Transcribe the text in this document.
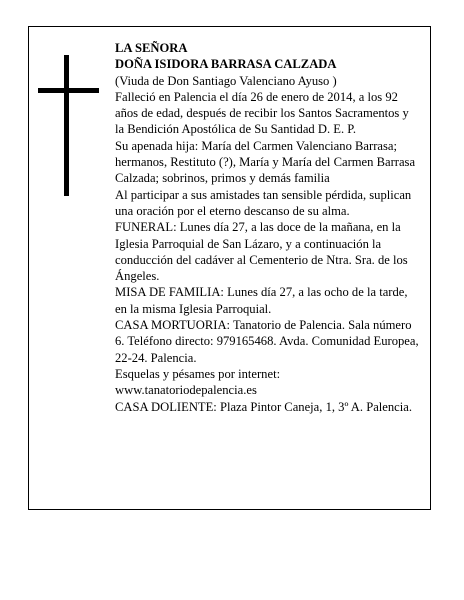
LA SEÑORA

DOÑA ISIDORA BARRASA CALZADA

(Viuda de Don Santiago Valenciano Ayuso )

Falleció en Palencia el día 26 de enero de 2014, a los 92 años de edad, después de recibir los Santos Sacramentos y la Bendición Apostólica de Su Santidad D. E. P.

Su apenada hija: María del Carmen Valenciano Barrasa; hermanos, Restituto (?), María y María del Carmen Barrasa Calzada; sobrinos, primos y demás familia

Al participar a sus amistades tan sensible pérdida, suplican una oración por el eterno descanso de su alma.

FUNERAL: Lunes día 27, a las doce de la mañana, en la Iglesia Parroquial de San Lázaro, y a continuación la conducción del cadáver al Cementerio de Ntra. Sra. de los Ángeles.

MISA DE FAMILIA: Lunes día 27, a las ocho de la tarde, en la misma Iglesia Parroquial.

CASA MORTUORIA: Tanatorio de Palencia. Sala número 6. Teléfono directo: 979165468. Avda. Comunidad Europea, 22-24. Palencia.

Esquelas y pésames por internet: www.tanatoriodepalencia.es

CASA DOLIENTE: Plaza Pintor Caneja, 1, 3º A. Palencia.
